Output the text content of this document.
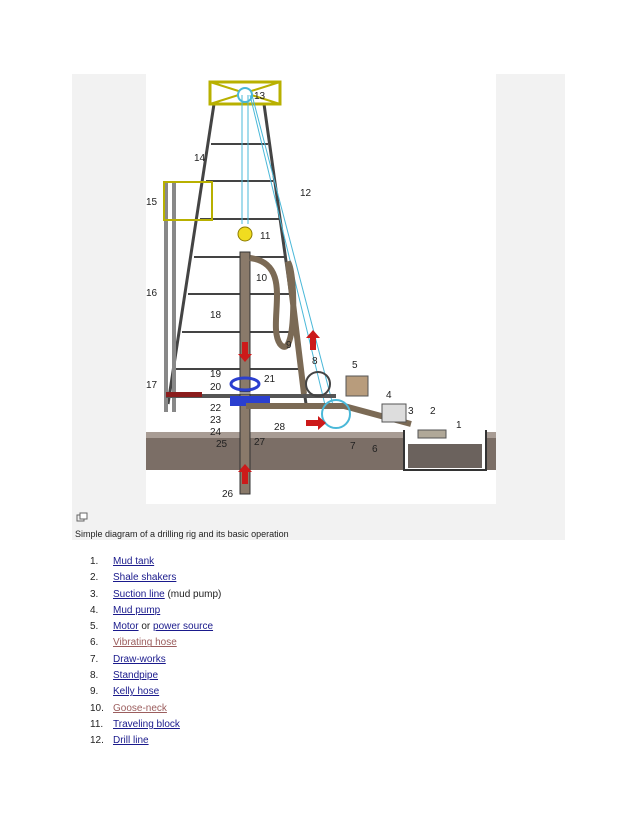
13
14
12
15
11
10
16
18
9
8	5
19	21
17	20
4
22	3 2
1
23
28
24
7 6
25	27
26
Simple diagram of a drilling rig and its basic operation
1. Mud tank
2. Shale shakers
3. Suction line (mud pump)
4. Mud pump
5. Motor or power source
6. Vibrating hose
7. Draw-works
8. Standpipe
9. Kelly hose
10. Goose-neck
11. Traveling block
12. Drill line
